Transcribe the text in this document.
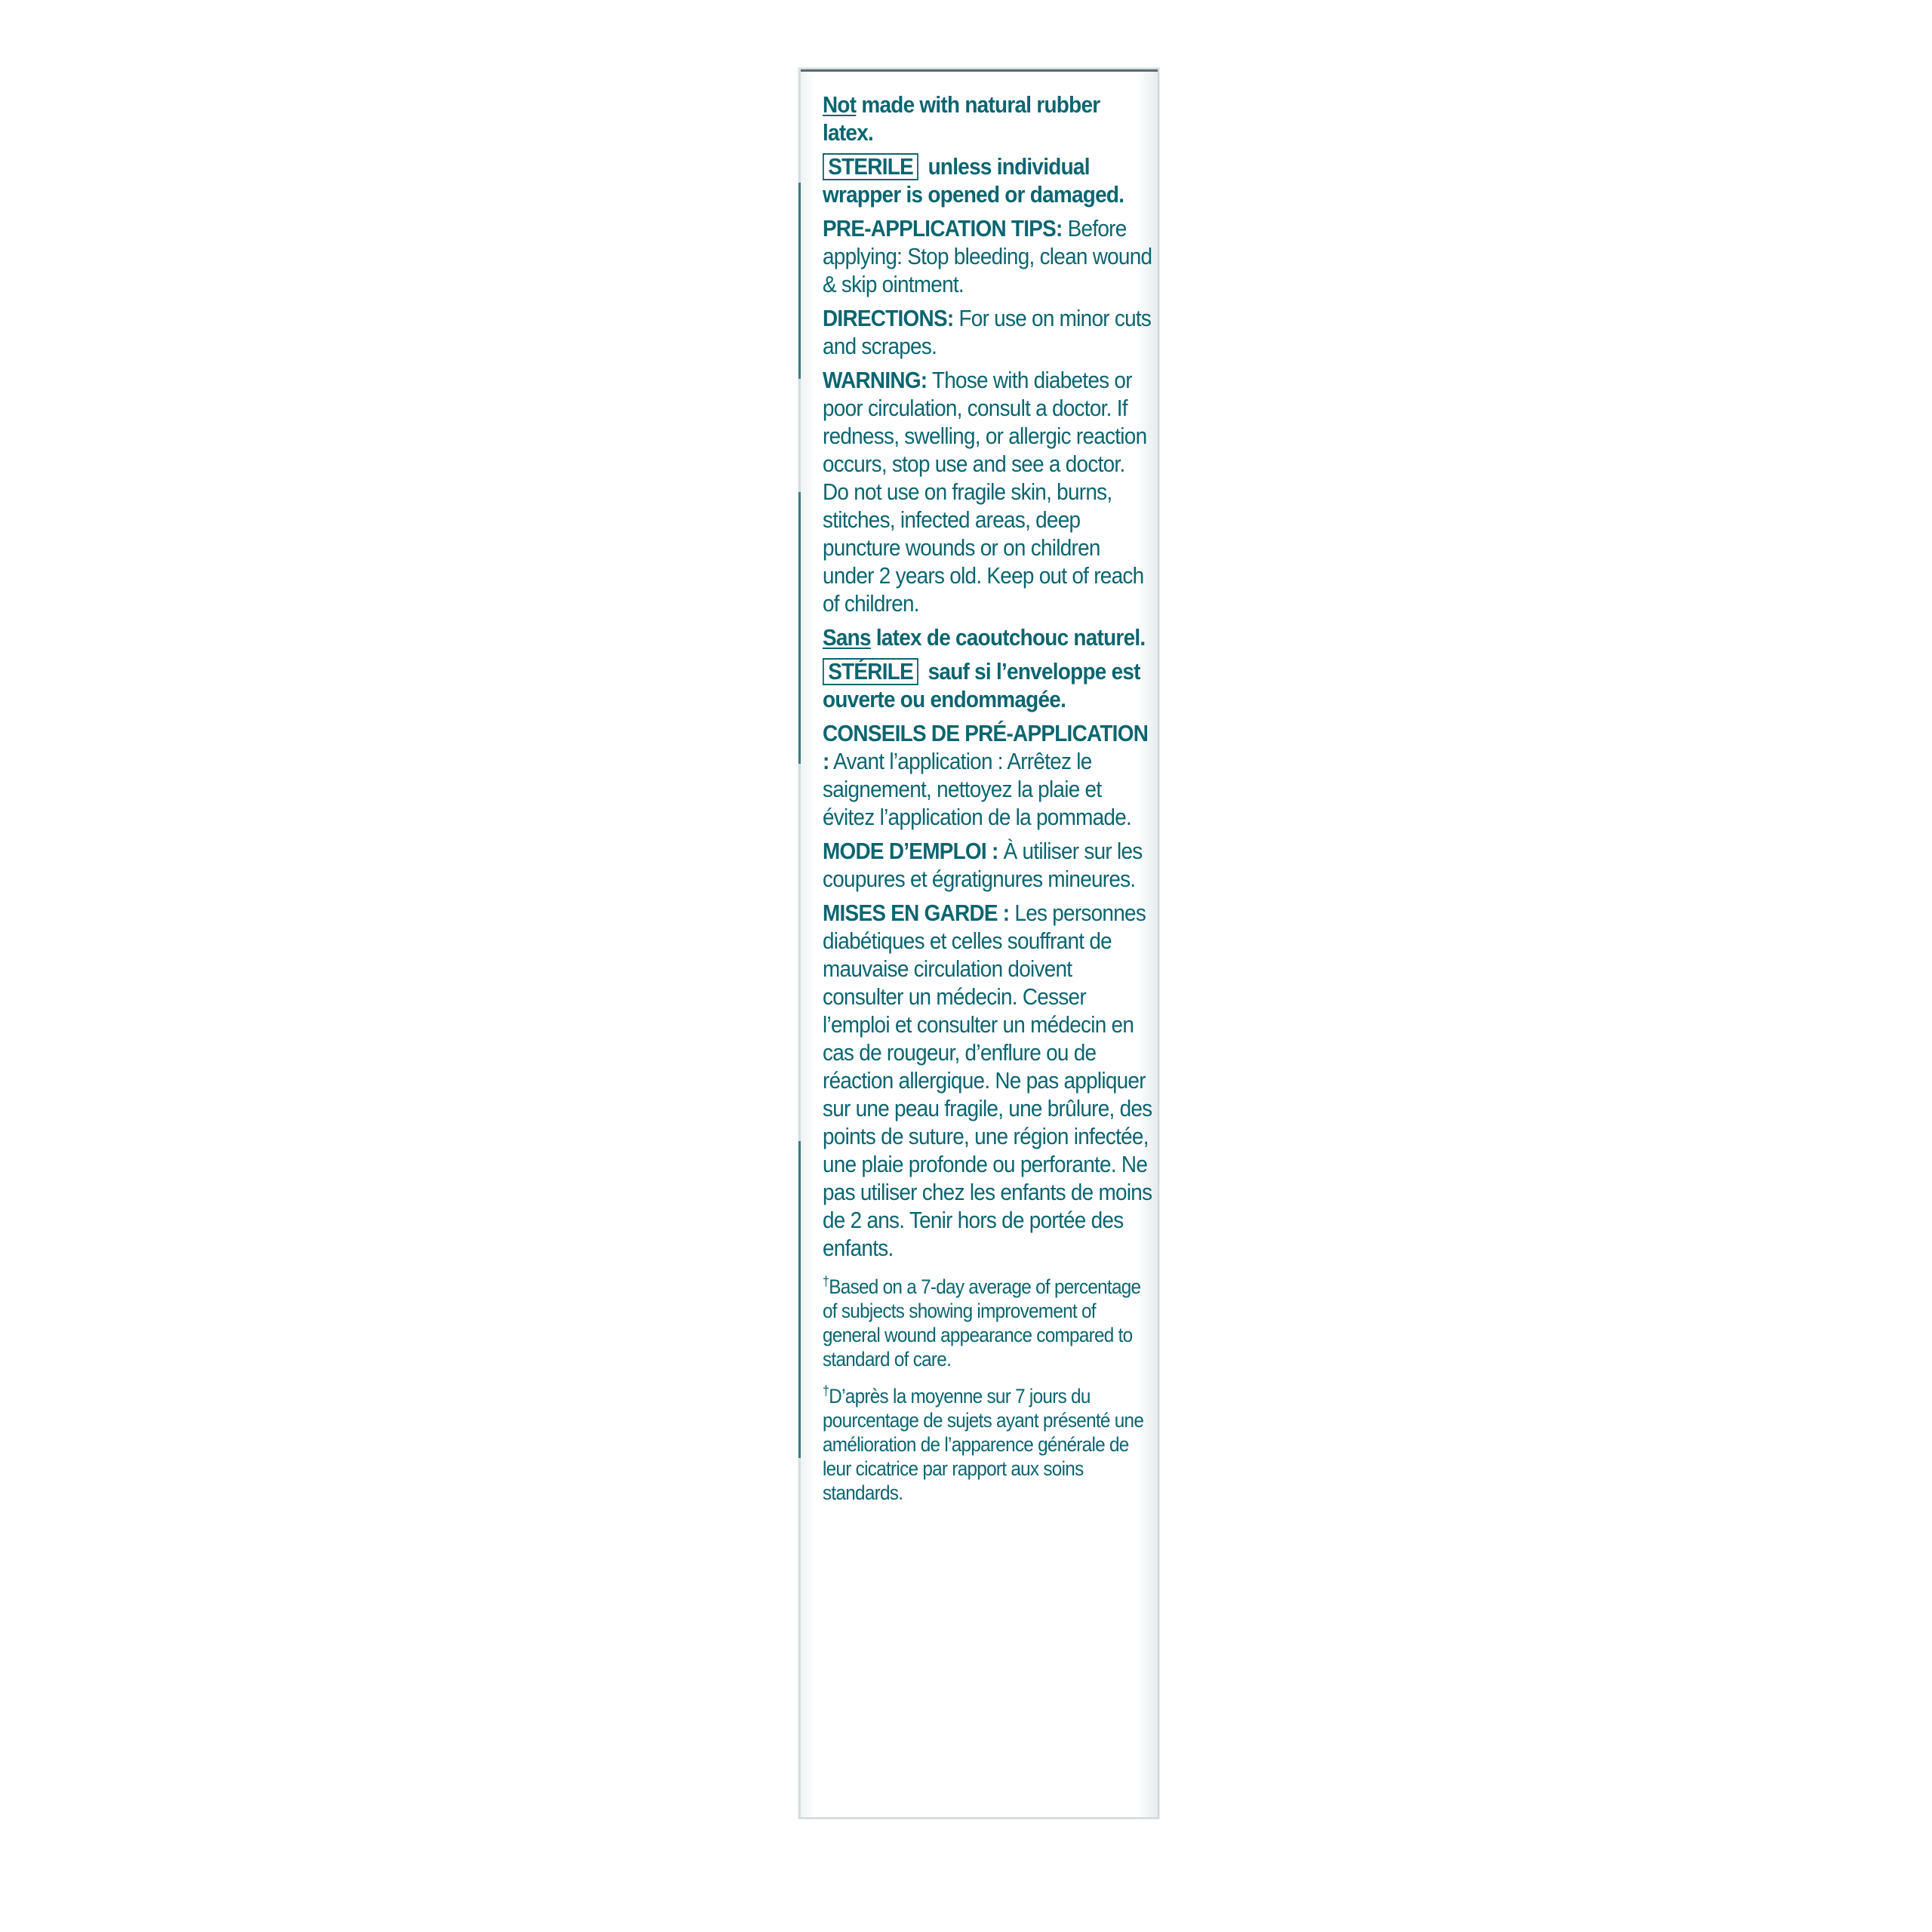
Not made with natural rubber latex.

STERILE unless individual wrapper is opened or damaged.

PRE-APPLICATION TIPS: Before applying: Stop bleeding, clean wound & skip ointment.

DIRECTIONS: For use on minor cuts and scrapes.

WARNING: Those with diabetes or poor circulation, consult a doctor. If redness, swelling, or allergic reaction occurs, stop use and see a doctor. Do not use on fragile skin, burns, stitches, infected areas, deep puncture wounds or on children under 2 years old. Keep out of reach of children.

Sans latex de caoutchouc naturel.

STÉRILE sauf si l’enveloppe est ouverte ou endommagée.

CONSEILS DE PRÉ-APPLICATION : Avant l’application : Arrêtez le saignement, nettoyez la plaie et évitez l’application de la pommade.

MODE D’EMPLOI : À utiliser sur les coupures et égratignures mineures.

MISES EN GARDE : Les personnes diabétiques et celles souffrant de mauvaise circulation doivent consulter un médecin. Cesser l’emploi et consulter un médecin en cas de rougeur, d’enflure ou de réaction allergique. Ne pas appliquer sur une peau fragile, une brûlure, des points de suture, une région infectée, une plaie profonde ou perforante. Ne pas utiliser chez les enfants de moins de 2 ans. Tenir hors de portée des enfants.

†Based on a 7-day average of percentage of subjects showing improvement of general wound appearance compared to standard of care.

†D’après la moyenne sur 7 jours du pourcentage de sujets ayant présenté une amélioration de l’apparence générale de leur cicatrice par rapport aux soins standards.
